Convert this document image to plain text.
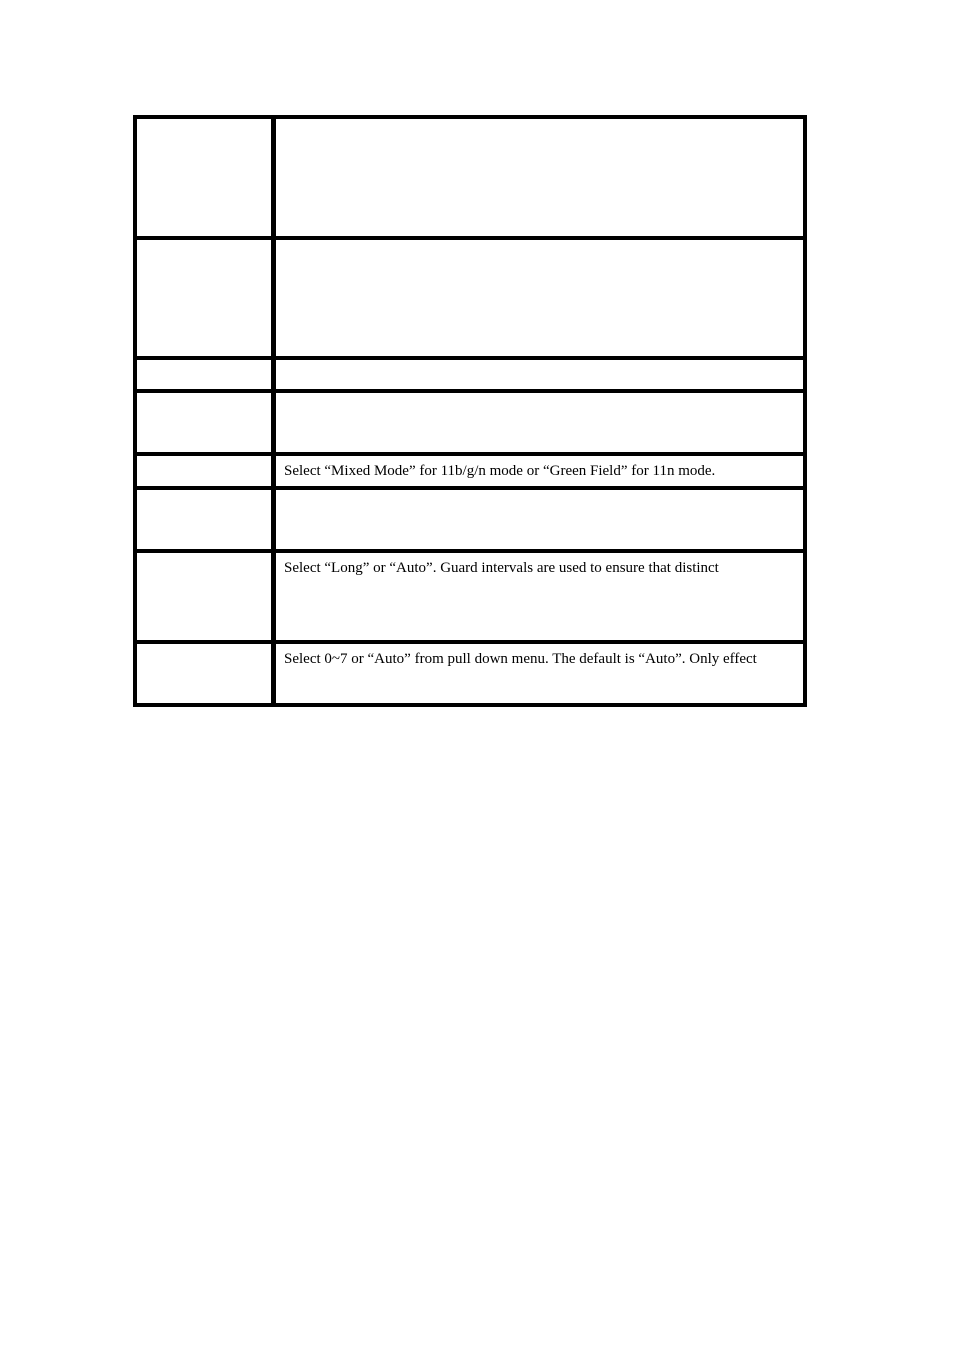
Select “Mixed Mode” for 11b/g/n mode or “Green Field” for 11n mode.
Select “Long” or “Auto”. Guard intervals are used to ensure that distinct
Select 0~7 or “Auto” from pull down menu. The default is “Auto”. Only effect
